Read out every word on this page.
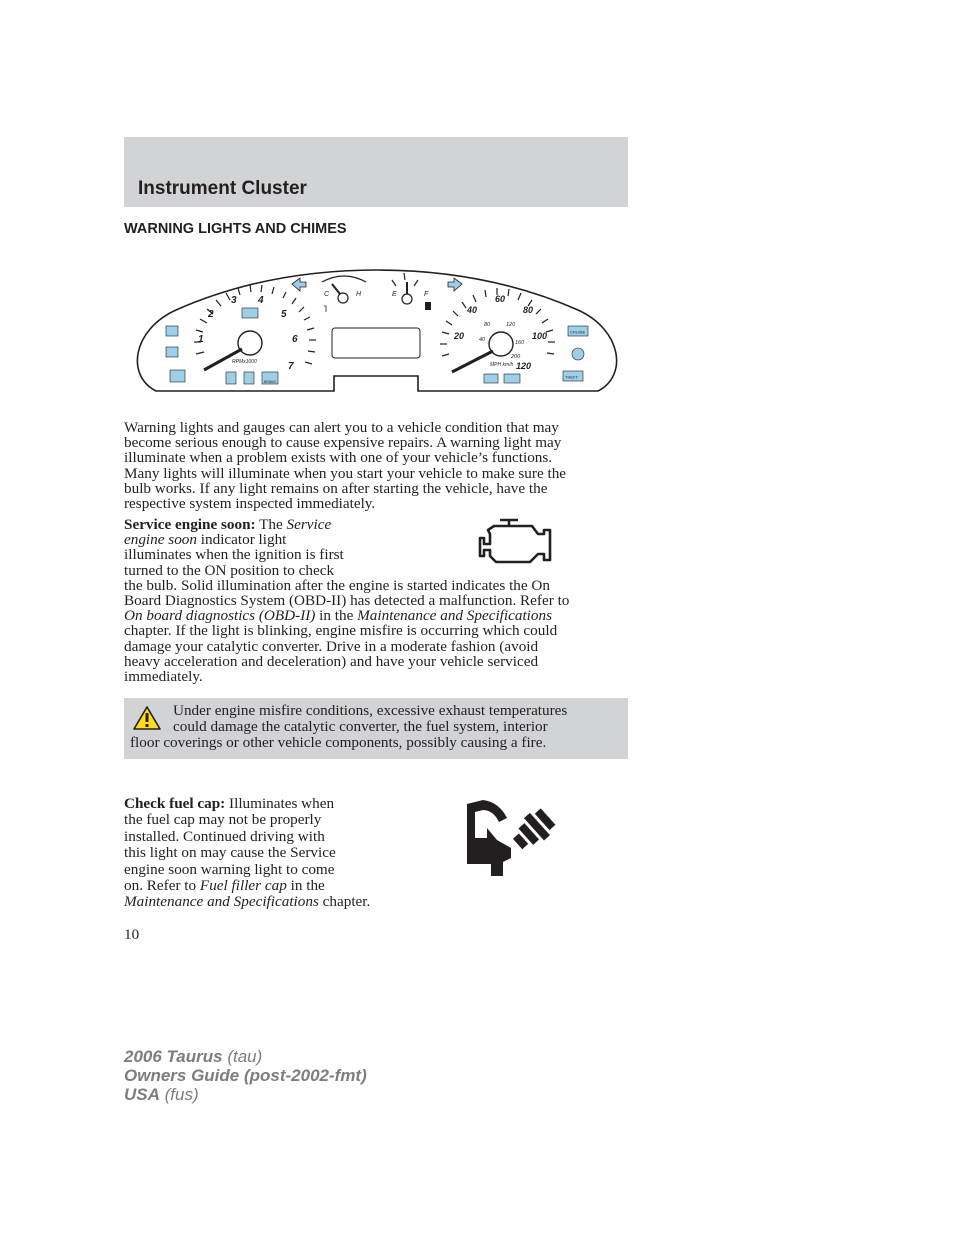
Instrument Cluster
WARNING LIGHTS AND CHIMES
1
2
3 4
5
6
7
RPMx1000
BRAKE
C	H	E	F
20
40
60
80
100
120
40
80	120
160
200
MPH km/h
CRUISE
THEFT
Warning lights and gauges can alert you to a vehicle condition that may
become serious enough to cause expensive repairs. A warning light may
illuminate when a problem exists with one of your vehicle’s functions.
Many lights will illuminate when you start your vehicle to make sure the
bulb works. If any light remains on after starting the vehicle, have the
respective system inspected immediately.
Service engine soon: The Service
engine soon indicator light
illuminates when the ignition is first
turned to the ON position to check
the bulb. Solid illumination after the engine is started indicates the On
Board Diagnostics System (OBD-II) has detected a malfunction. Refer to
On board diagnostics (OBD-II) in the Maintenance and Specifications
chapter. If the light is blinking, engine misfire is occurring which could
damage your catalytic converter. Drive in a moderate fashion (avoid
heavy acceleration and deceleration) and have your vehicle serviced
immediately.
Under engine misfire conditions, excessive exhaust temperatures
could damage the catalytic converter, the fuel system, interior
floor coverings or other vehicle components, possibly causing a fire.
Check fuel cap: Illuminates when
the fuel cap may not be properly
installed. Continued driving with
this light on may cause the Service
engine soon warning light to come
on. Refer to Fuel filler cap in the
Maintenance and Specifications chapter.
10
2006 Taurus (tau)
Owners Guide (post-2002-fmt)
USA (fus)
